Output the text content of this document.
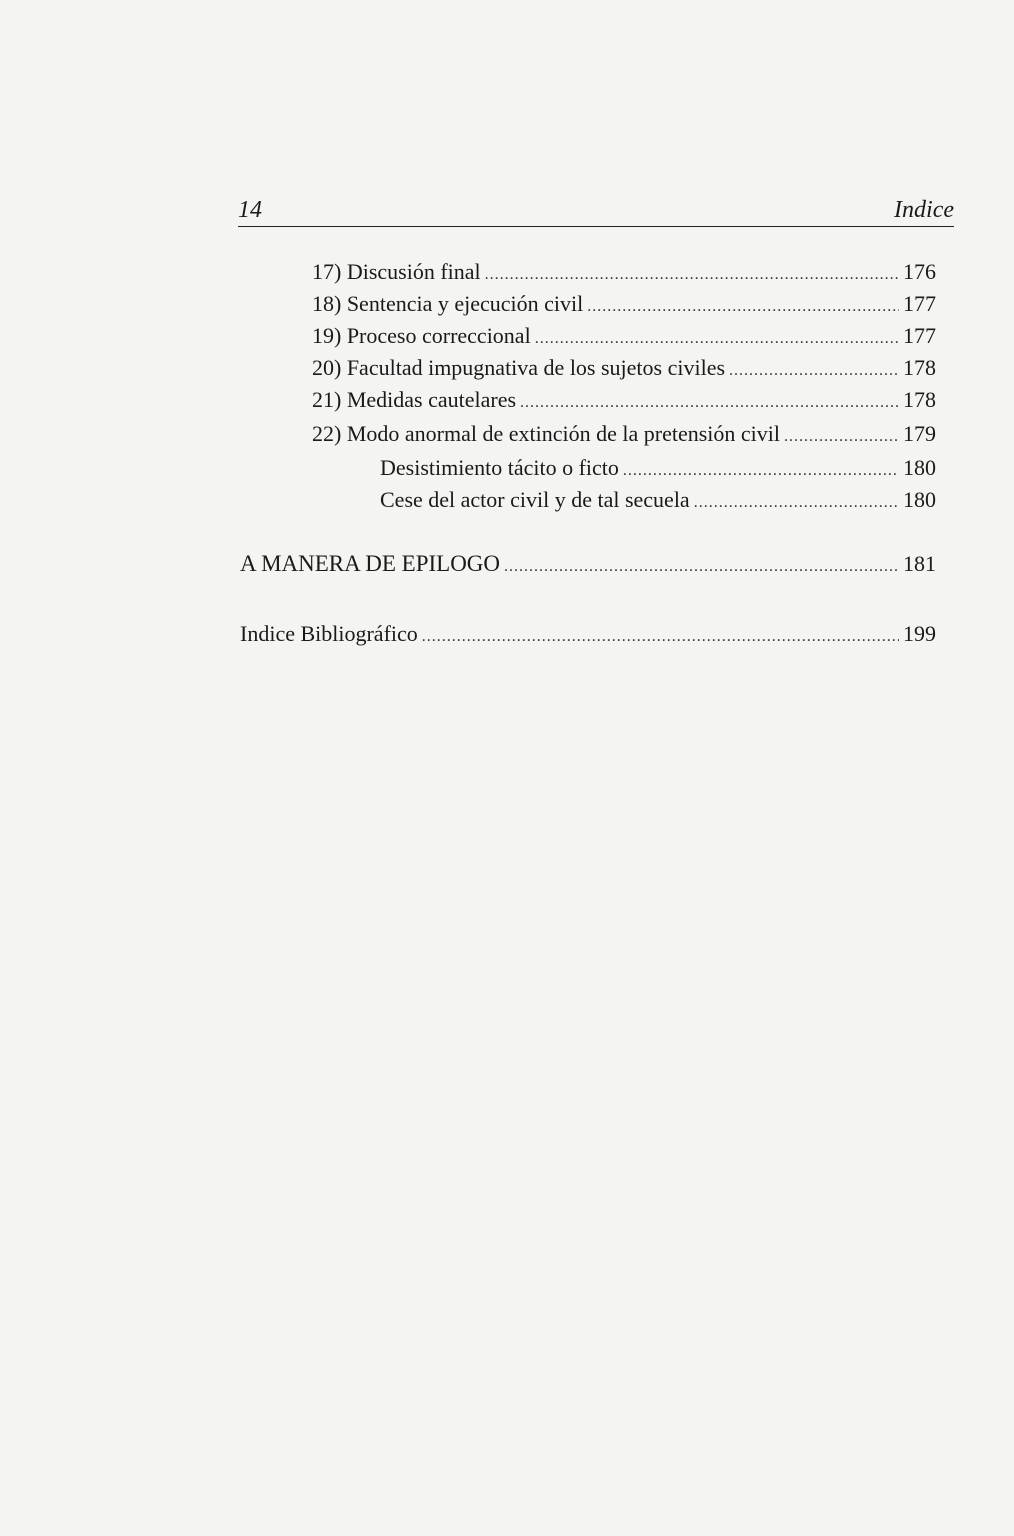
14	Indice
17) Discusión final .....	176
18) Sentencia y ejecución civil .....	177
19) Proceso correccional .....	177
20) Facultad impugnativa de los sujetos civiles .....	178
21) Medidas cautelares .....	178
22) Modo anormal de extinción de la pretensión civil .....	179
Desistimiento tácito o ficto .....	180
Cese del actor civil y de tal secuela .....	180
A MANERA DE EPILOGO .....	181
Indice Bibliográfico .....	199
